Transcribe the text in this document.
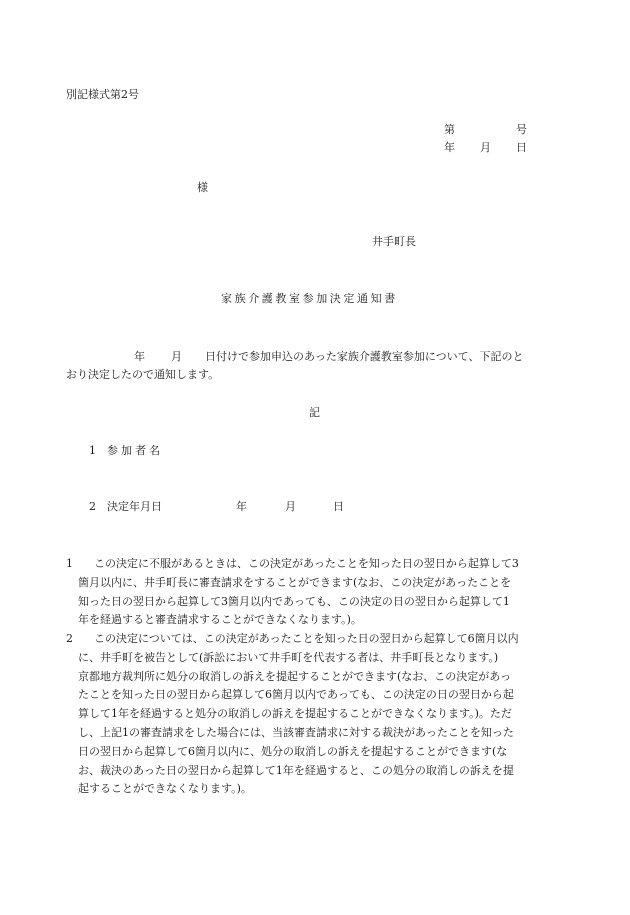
別記様式第2号
第	号
年 月 日
様
井手町長
家族介護教室参加決定通知書
年 月 日付けで参加申込のあった家族介護教室参加について、下記のと
おり決定したので通知します。
記
1 参加者名
2 決定年月日	年	月	日
1 この決定に不服があるときは、この決定があったことを知った日の翌日から起算して3
箇月以内に、井手町長に審査請求をすることができます(なお、この決定があったことを
知った日の翌日から起算して3箇月以内であっても、この決定の日の翌日から起算して1
年を経過すると審査請求することができなくなります。)。
2 この決定については、この決定があったことを知った日の翌日から起算して6箇月以内
に、井手町を被告として(訴訟において井手町を代表する者は、井手町長となります。)
京都地方裁判所に処分の取消しの訴えを提起することができます(なお、この決定があっ
たことを知った日の翌日から起算して6箇月以内であっても、この決定の日の翌日から起
算して1年を経過すると処分の取消しの訴えを提起することができなくなります。)。ただ
し、上記1の審査請求をした場合には、当該審査請求に対する裁決があったことを知った
日の翌日から起算して6箇月以内に、処分の取消しの訴えを提起することができます(な
お、裁決のあった日の翌日から起算して1年を経過すると、この処分の取消しの訴えを提
起することができなくなります。)。
